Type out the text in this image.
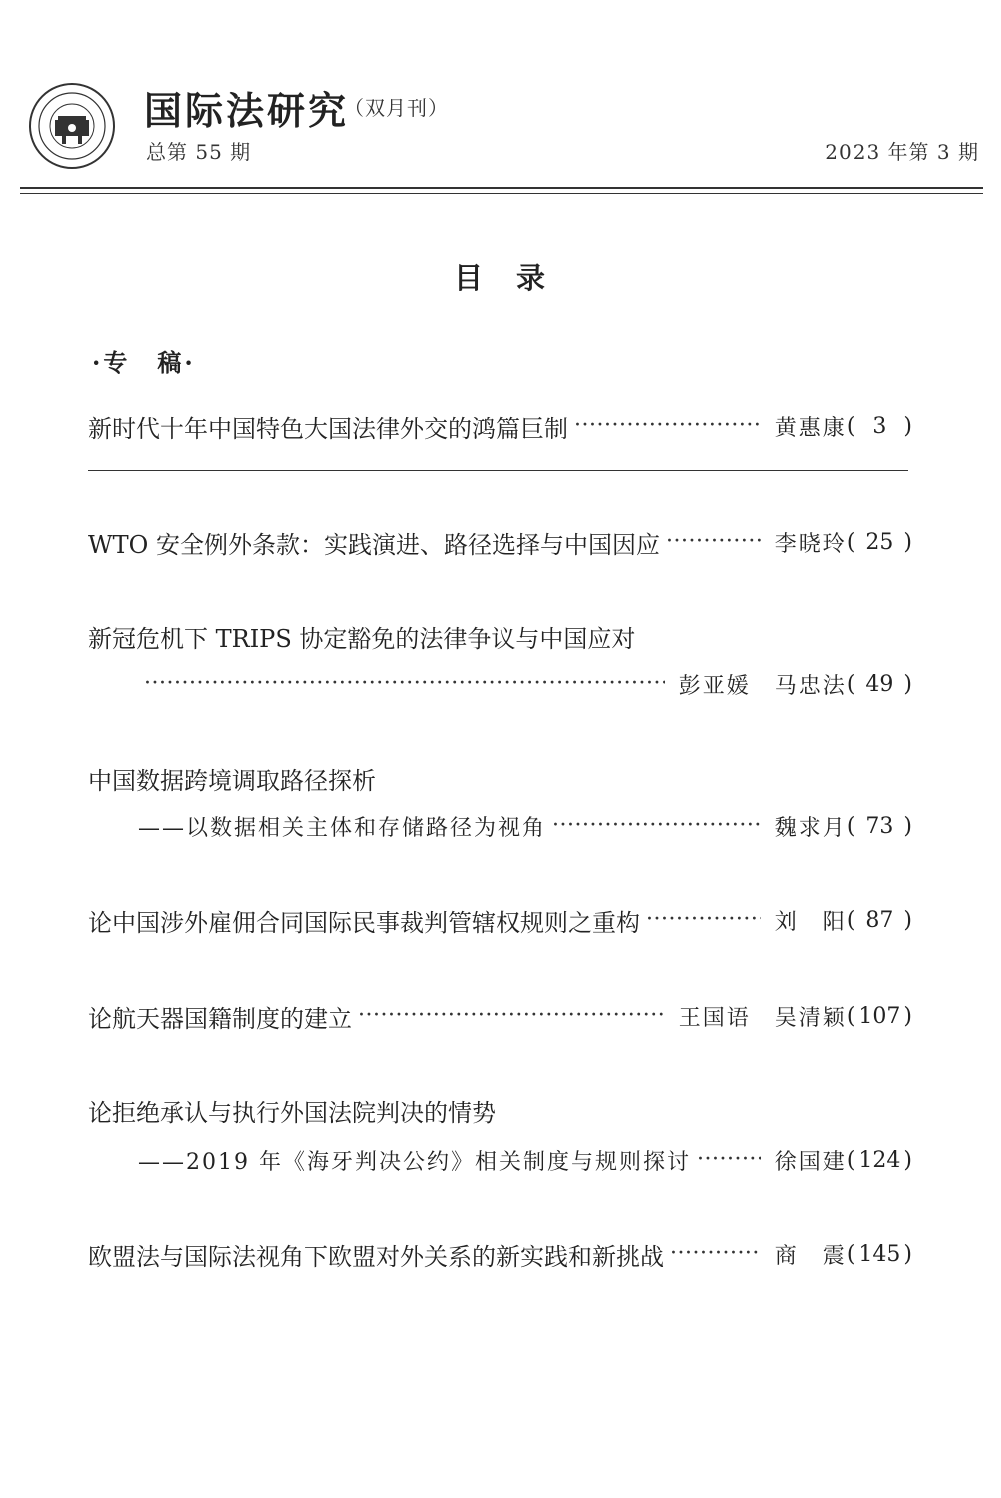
国际法研究
（双月刊）
总第 55 期	2023 年第 3 期
目　录
·专　稿·
新时代十年中国特色大国法律外交的鸿篇巨制 ·····	黄惠康 ( 3 )
WTO 安全例外条款：实践演进、路径选择与中国因应 ·····	李晓玲 ( 25 )
新冠危机下 TRIPS 协定豁免的法律争议与中国应对
·····
彭亚媛　马忠法 ( 49 )
中国数据跨境调取路径探析
——以数据相关主体和存储路径为视角 ·····	魏求月 ( 73 )
论中国涉外雇佣合同国际民事裁判管辖权规则之重构 ·····	刘　阳 ( 87 )
论航天器国籍制度的建立 ·····	王国语　吴清颖 ( 107 )
论拒绝承认与执行外国法院判决的情势
——2019 年《海牙判决公约》相关制度与规则探讨 ·····	徐国建 ( 124 )
欧盟法与国际法视角下欧盟对外关系的新实践和新挑战 ·····	商　震 ( 145 )
